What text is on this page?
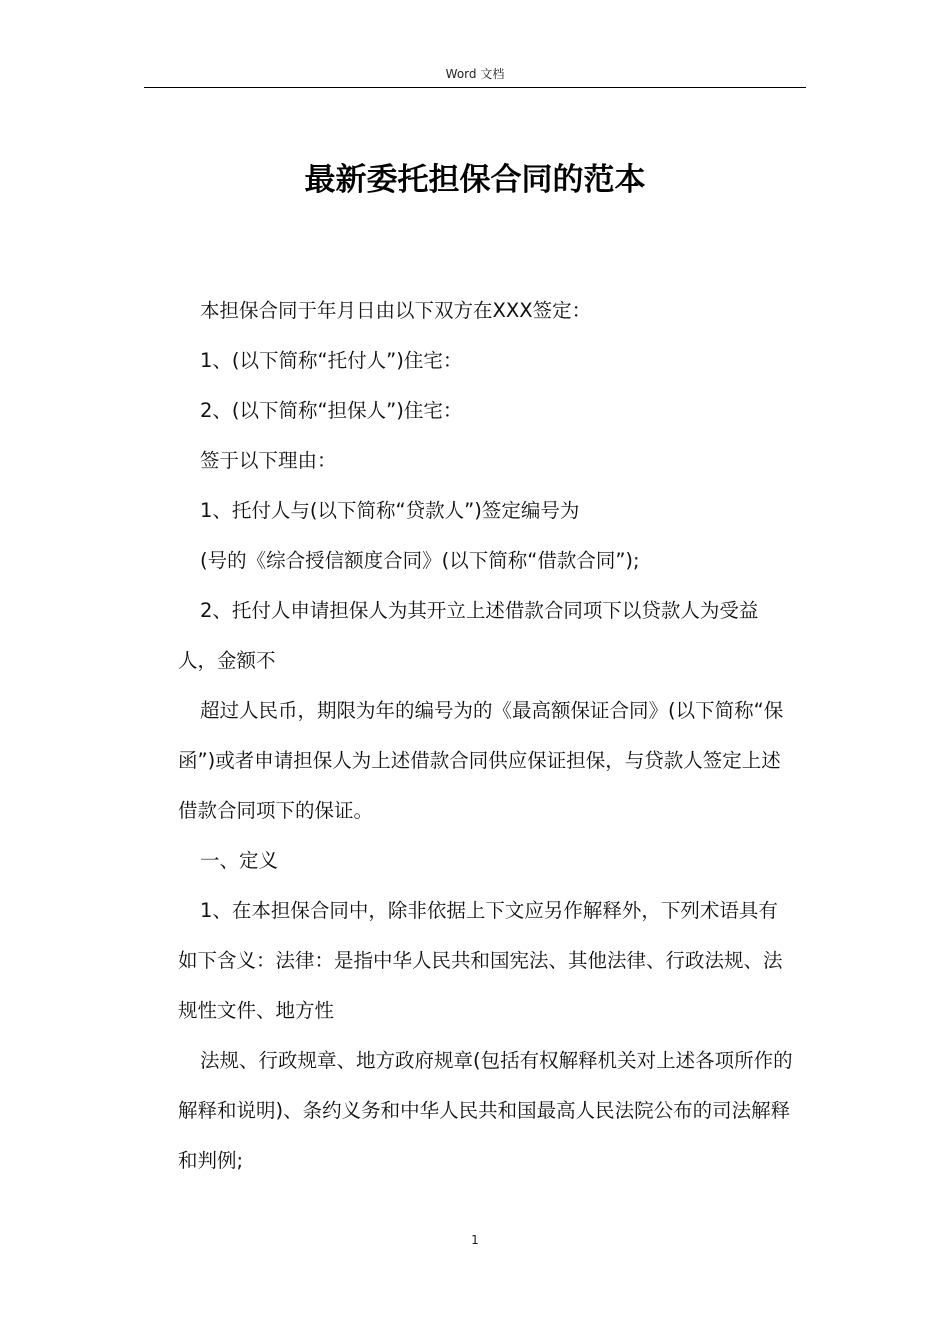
Word 文档
最新委托担保合同的范本

本担保合同于年月日由以下双方在XXX签定：

1、(以下简称“托付人”)住宅：

2、(以下简称“担保人”)住宅：

签于以下理由：

1、托付人与(以下简称“贷款人”)签定编号为

(号的《综合授信额度合同》(以下简称“借款合同”);

2、托付人申请担保人为其开立上述借款合同项下以贷款人为受益人，金额不

超过人民币，期限为年的编号为的《最高额保证合同》(以下简称“保函”)或者申请担保人为上述借款合同供应保证担保，与贷款人签定上述借款合同项下的保证。

一、定义

1、在本担保合同中，除非依据上下文应另作解释外，下列术语具有如下含义：法律：是指中华人民共和国宪法、其他法律、行政法规、法规性文件、地方性

法规、行政规章、地方政府规章(包括有权解释机关对上述各项所作的解释和说明)、条约义务和中华人民共和国最高人民法院公布的司法解释和判例;

1
